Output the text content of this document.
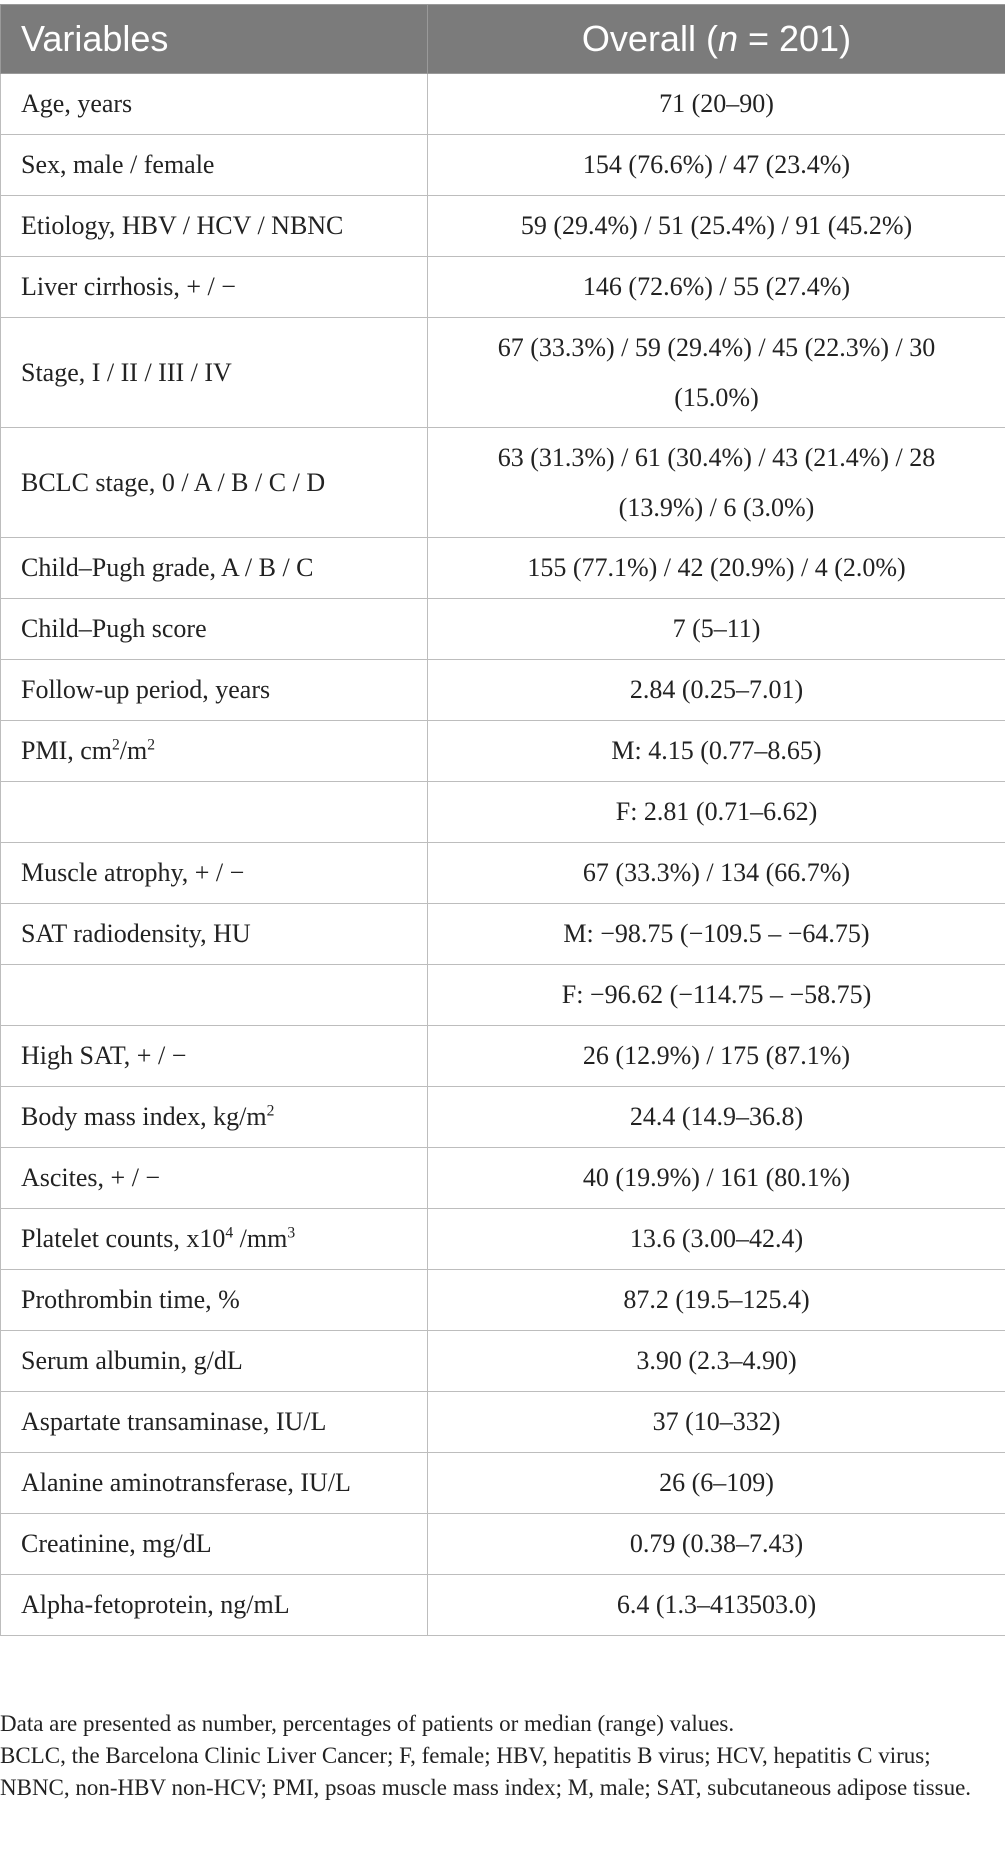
Variables	Overall (n = 201)
Age, years	71 (20–90)
Sex, male / female	154 (76.6%) / 47 (23.4%)
Etiology, HBV / HCV / NBNC	59 (29.4%) / 51 (25.4%) / 91 (45.2%)
Liver cirrhosis, + / −	146 (72.6%) / 55 (27.4%)
Stage, I / II / III / IV	67 (33.3%) / 59 (29.4%) / 45 (22.3%) / 30
(15.0%)
BCLC stage, 0 / A / B / C / D	63 (31.3%) / 61 (30.4%) / 43 (21.4%) / 28
(13.9%) / 6 (3.0%)
Child–Pugh grade, A / B / C	155 (77.1%) / 42 (20.9%) / 4 (2.0%)
Child–Pugh score	7 (5–11)
Follow-up period, years	2.84 (0.25–7.01)
PMI, $cm^2/m^2$	M: 4.15 (0.77–8.65)
	F: 2.81 (0.71–6.62)
Muscle atrophy, + / −	67 (33.3%) / 134 (66.7%)
SAT radiodensity, HU	M: −98.75 (−109.5 – −64.75)
	F: −96.62 (−114.75 – −58.75)
High SAT, + / −	26 (12.9%) / 175 (87.1%)
Body mass index, $kg/m^2$	24.4 (14.9–36.8)
Ascites, + / −	40 (19.9%) / 161 (80.1%)
Platelet counts, $x10^4$ $/mm^3$	13.6 (3.00–42.4)
Prothrombin time, %	87.2 (19.5–125.4)
Serum albumin, g/dL	3.90 (2.3–4.90)
Aspartate transaminase, IU/L	37 (10–332)
Alanine aminotransferase, IU/L	26 (6–109)
Creatinine, mg/dL	0.79 (0.38–7.43)
Alpha-fetoprotein, ng/mL	6.4 (1.3–413503.0)

Data are presented as number, percentages of patients or median (range) values.

BCLC, the Barcelona Clinic Liver Cancer; F, female; HBV, hepatitis B virus; HCV, hepatitis C virus; NBNC, non-HBV non-HCV; PMI, psoas muscle mass index; M, male; SAT, subcutaneous adipose tissue.
